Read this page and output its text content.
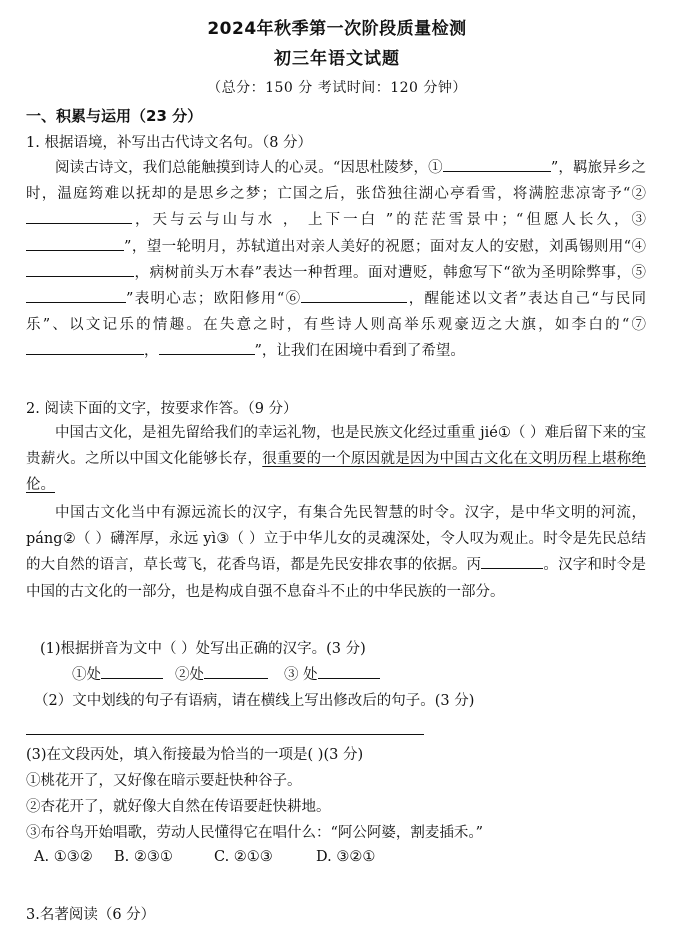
2024年秋季第一次阶段质量检测
初三年语文试题
（总分：150 分 考试时间：120 分钟）
一、积累与运用（23 分）
1. 根据语境，补写出古代诗文名句。（8 分）
阅读古诗文，我们总能触摸到诗人的心灵。“因思杜陵梦，①	”，羁旅异乡之时，温庭筠难以抚却的是思乡之梦；亡国之后，张岱独往湖心亭看雪，将满腔悲凉寄予“②，天与云与山与水 ， 上下一白 ”的茫茫雪景中；“但愿人长久，③”，望一轮明月，苏轼道出对亲人美好的祝愿；面对友人的安慰，刘禹锡则用“④，病树前头万木春”表达一种哲理。面对遭贬，韩愈写下“欲为圣明除弊事，⑤”表明心志；欧阳修用“⑥	，醒能述以文者”表达自己“与民同乐”、以文记乐的情趣。在失意之时，有些诗人则高举乐观豪迈之大旗，如李白的“⑦，	”，让我们在困境中看到了希望。
2. 阅读下面的文字，按要求作答。（9 分）
中国古文化，是祖先留给我们的幸运礼物，也是民族文化经过重重 jié①（ ）难后留下来的宝贵薪火。之所以中国文化能够长存，很重要的一个原因就是因为中国古文化在文明历程上堪称绝伦。
中国古文化当中有源远流长的汉字，有集合先民智慧的时令。汉字，是中华文明的河流， páng②（ ）礴浑厚，永远 yì③（ ）立于中华儿女的灵魂深处，令人叹为观止。时令是先民总结的大自然的语言，草长莺飞，花香鸟语，都是先民安排农事的依据。丙	。汉字和时令是中国的古文化的一部分，也是构成自强不息奋斗不止的中华民族的一部分。
(1)根据拼音为文中（ ）处写出正确的汉字。(3 分)
①处	②处	③ 处
（2）文中划线的句子有语病，请在横线上写出修改后的句子。(3 分)
(3)在文段丙处，填入衔接最为恰当的一项是( )(3 分)
①桃花开了，又好像在暗示要赶快种谷子。
②杏花开了，就好像大自然在传语要赶快耕地。
③布谷鸟开始唱歌，劳动人民懂得它在唱什么：“阿公阿婆，割麦插禾。”
A. ①③② B. ②③①	C. ②①③	D. ③②①
3.名著阅读（6 分）
